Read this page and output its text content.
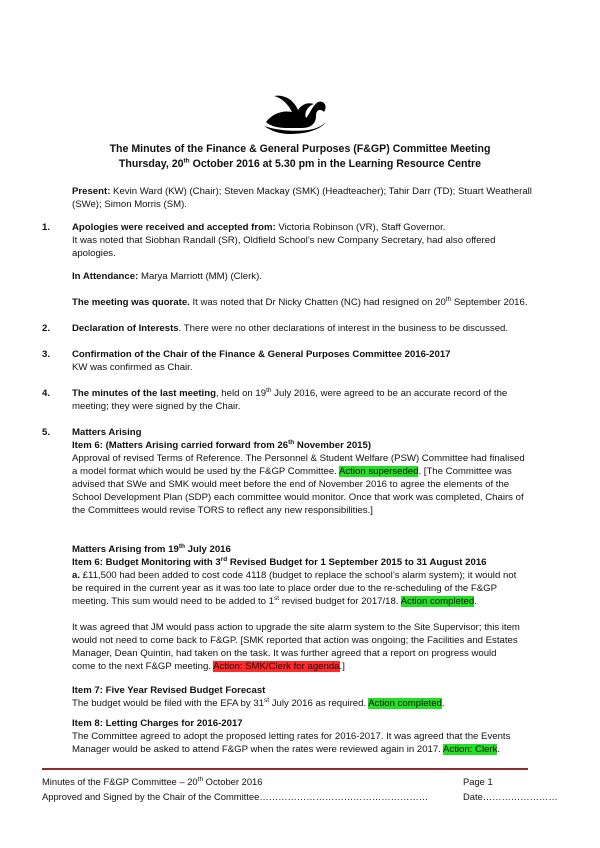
The Minutes of the Finance & General Purposes (F&GP) Committee Meeting
Thursday, 20th October 2016 at 5.30 pm in the Learning Resource Centre
Present: Kevin Ward (KW) (Chair); Steven Mackay (SMK) (Headteacher); Tahir Darr (TD); Stuart Weatherall
(SWe); Simon Morris (SM).
1. Apologies were received and accepted from: Victoria Robinson (VR), Staff Governor.
It was noted that Siobhan Randall (SR), Oldfield School’s new Company Secretary, had also offered
apologies.
In Attendance: Marya Marriott (MM) (Clerk).
The meeting was quorate. It was noted that Dr Nicky Chatten (NC) had resigned on 20th September 2016.
2. Declaration of Interests. There were no other declarations of interest in the business to be discussed.
3. Confirmation of the Chair of the Finance & General Purposes Committee 2016-2017
KW was confirmed as Chair.
4. The minutes of the last meeting, held on 19th July 2016, were agreed to be an accurate record of the
meeting; they were signed by the Chair.
5. Matters Arising
Item 6: (Matters Arising carried forward from 26th November 2015)
Approval of revised Terms of Reference. The Personnel & Student Welfare (PSW) Committee had finalised
a model format which would be used by the F&GP Committee. Action superseded. [The Committee was
advised that SWe and SMK would meet before the end of November 2016 to agree the elements of the
School Development Plan (SDP) each committee would monitor. Once that work was completed, Chairs of
the Committees would revise TORS to reflect any new responsibilities.]
Matters Arising from 19th July 2016
Item 6: Budget Monitoring with 3rd Revised Budget for 1 September 2015 to 31 August 2016
a. £11,500 had been added to cost code 4118 (budget to replace the school’s alarm system); it would not
be required in the current year as it was too late to place order due to the re-scheduling of the F&GP
meeting. This sum would need to be added to 1st revised budget for 2017/18. Action completed.
It was agreed that JM would pass action to upgrade the site alarm system to the Site Supervisor; this item
would not need to come back to F&GP. [SMK reported that action was ongoing; the Facilities and Estates
Manager, Dean Quintin, had taken on the task. It was further agreed that a report on progress would
come to the next F&GP meeting. Action: SMK/Clerk for agenda.]
Item 7: Five Year Revised Budget Forecast
The budget would be filed with the EFA by 31st July 2016 as required. Action completed.
Item 8: Letting Charges for 2016-2017
The Committee agreed to adopt the proposed letting rates for 2016-2017. It was agreed that the Events
Manager would be asked to attend F&GP when the rates were reviewed again in 2017. Action: Clerk.
Minutes of the F&GP Committee – 20th October 2016	Page 1
Approved and Signed by the Chair of the Committee………………………………………………	Date……………………
